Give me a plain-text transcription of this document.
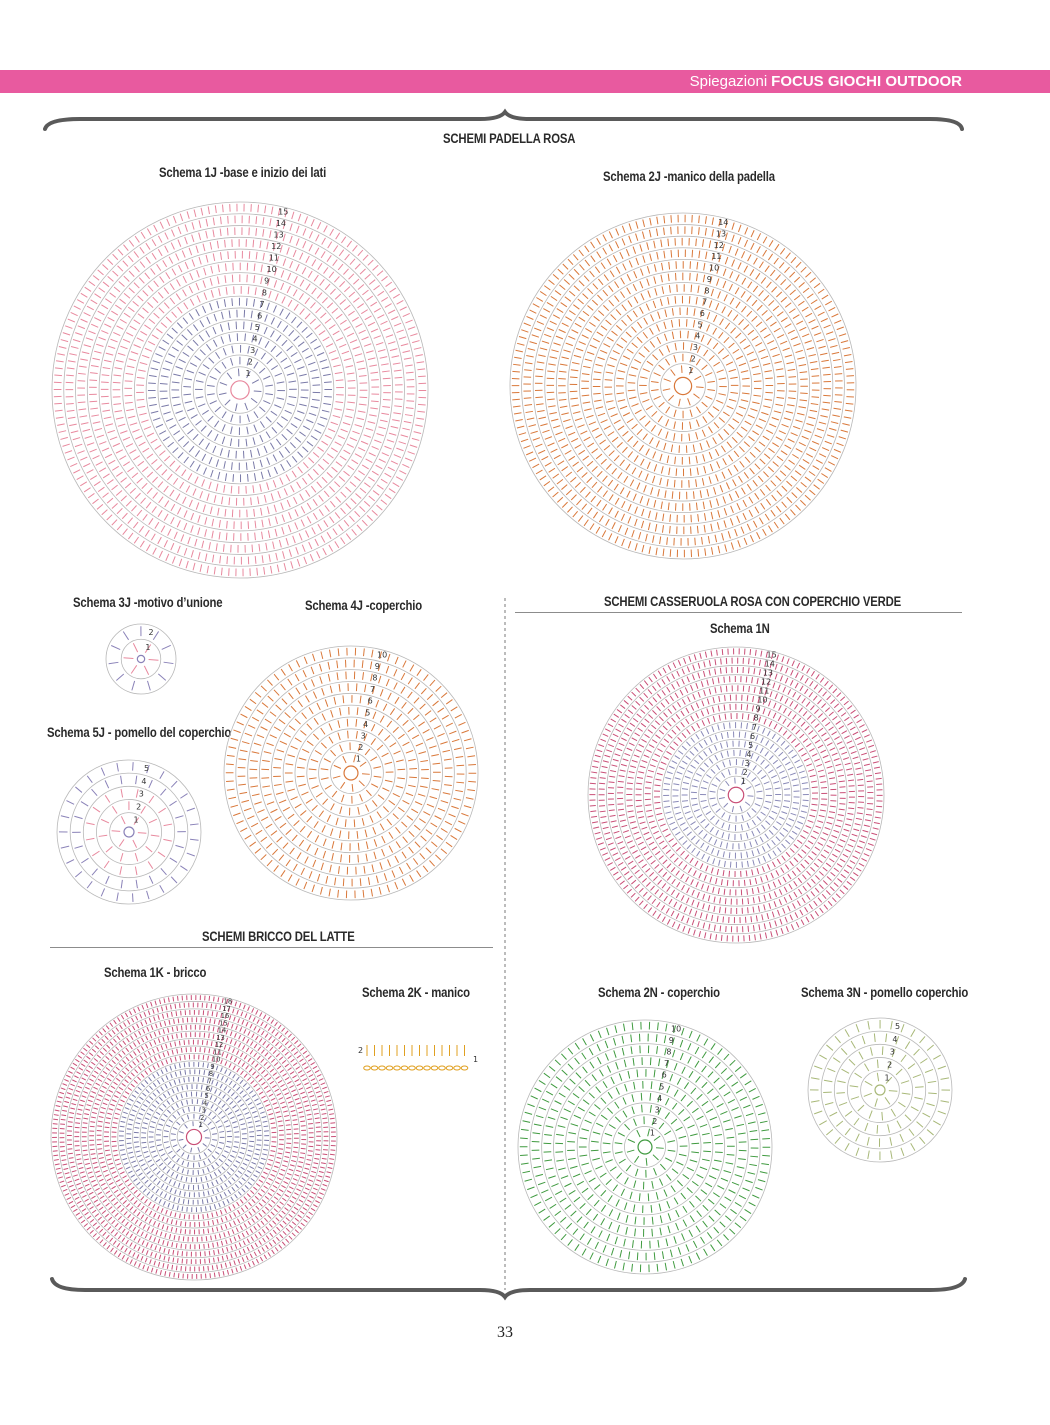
Spiegazioni FOCUS GIOCHI OUTDOOR
SCHEMI PADELLA ROSA
SCHEMI CASSERUOLA ROSA CON COPERCHIO VERDE
SCHEMI BRICCO DEL LATTE
Schema 1J -base e inizio dei lati	Schema 2J -manico della padella
Schema 3J -motivo d’unione	Schema 4J -coperchio
Schema 5J - pomello del coperchio
Schema 1N
Schema 1K - bricco
Schema 2K - manico	Schema 2N - coperchio	Schema 3N - pomello coperchio
1
2
3
4
5
6
7
8
9
10
11
12
13
14
15
1
2
3
4
5
6
7
8
9
10
11
12
13
14
1
2
1
2
3
4
5
6
7
8
9
10
1
2
3
4
5
1
2
3
4
5
6
7
8
9
10
11
12
13
14
15
1
2
3
4
5
6
7
8
9
10
11
12
13
14
15
16
17
18
1
2
3
4
5
6
7
8
9
10
1
2
3
4
5
2
1
33
